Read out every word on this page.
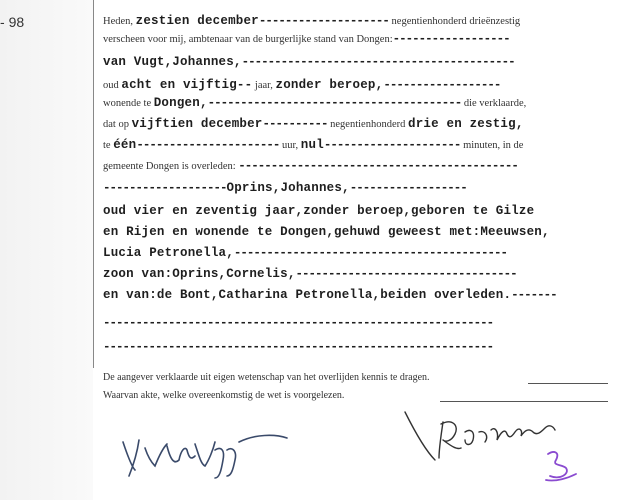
- 98	Heden, zestien december-------------------- negentienhonderd drieënzestig
verscheen voor mij, ambtenaar van de burgerlijke stand van Dongen:------------------
van Vugt,Johannes,------------------------------------------
oud acht en vijftig-- jaar, zonder beroep,------------------
wonende te Dongen,--------------------------------------- die verklaarde,
dat op vijftien december---------- negentienhonderd drie en zestig,
te één---------------------- uur, nul--------------------- minuten, in de
gemeente Dongen is overleden: -------------------------------------------
-------------------Oprins,Johannes,------------------
oud vier en zeventig jaar,zonder beroep,geboren te Gilze
en Rijen en wonende te Dongen,gehuwd geweest met:Meeuwsen,
Lucia Petronella,------------------------------------------
zoon van:Oprins,Cornelis,----------------------------------
en van:de Bont,Catharina Petronella,beiden overleden.-------
------------------------------------------------------------
------------------------------------------------------------
De aangever verklaarde uit eigen wetenschap van het overlijden kennis te dragen.
Waarvan akte, welke overeenkomstig de wet is voorgelezen.
